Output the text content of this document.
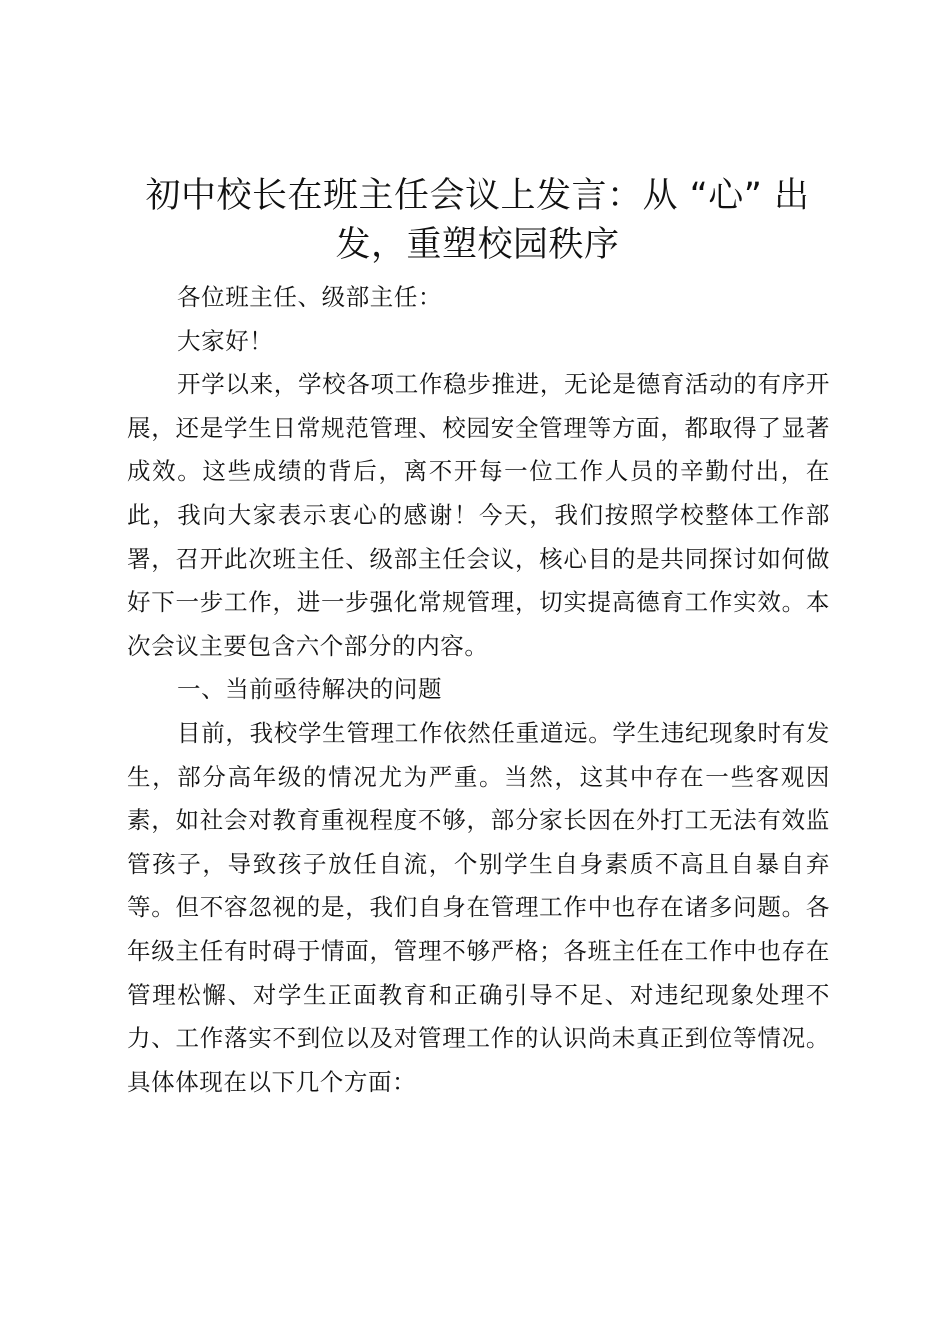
初中校长在班主任会议上发言：从 “心” 出发，重塑校园秩序

各位班主任、级部主任：

大家好！

开学以来，学校各项工作稳步推进，无论是德育活动的有序开展，还是学生日常规范管理、校园安全管理等方面，都取得了显著成效。这些成绩的背后，离不开每一位工作人员的辛勤付出，在此，我向大家表示衷心的感谢！今天，我们按照学校整体工作部署，召开此次班主任、级部主任会议，核心目的是共同探讨如何做好下一步工作，进一步强化常规管理，切实提高德育工作实效。本次会议主要包含六个部分的内容。

一、当前亟待解决的问题

目前，我校学生管理工作依然任重道远。学生违纪现象时有发生，部分高年级的情况尤为严重。当然，这其中存在一些客观因素，如社会对教育重视程度不够，部分家长因在外打工无法有效监管孩子，导致孩子放任自流，个别学生自身素质不高且自暴自弃等。但不容忽视的是，我们自身在管理工作中也存在诸多问题。各年级主任有时碍于情面，管理不够严格；各班主任在工作中也存在管理松懈、对学生正面教育和正确引导不足、对违纪现象处理不力、工作落实不到位以及对管理工作的认识尚未真正到位等情况。具体体现在以下几个方面：
